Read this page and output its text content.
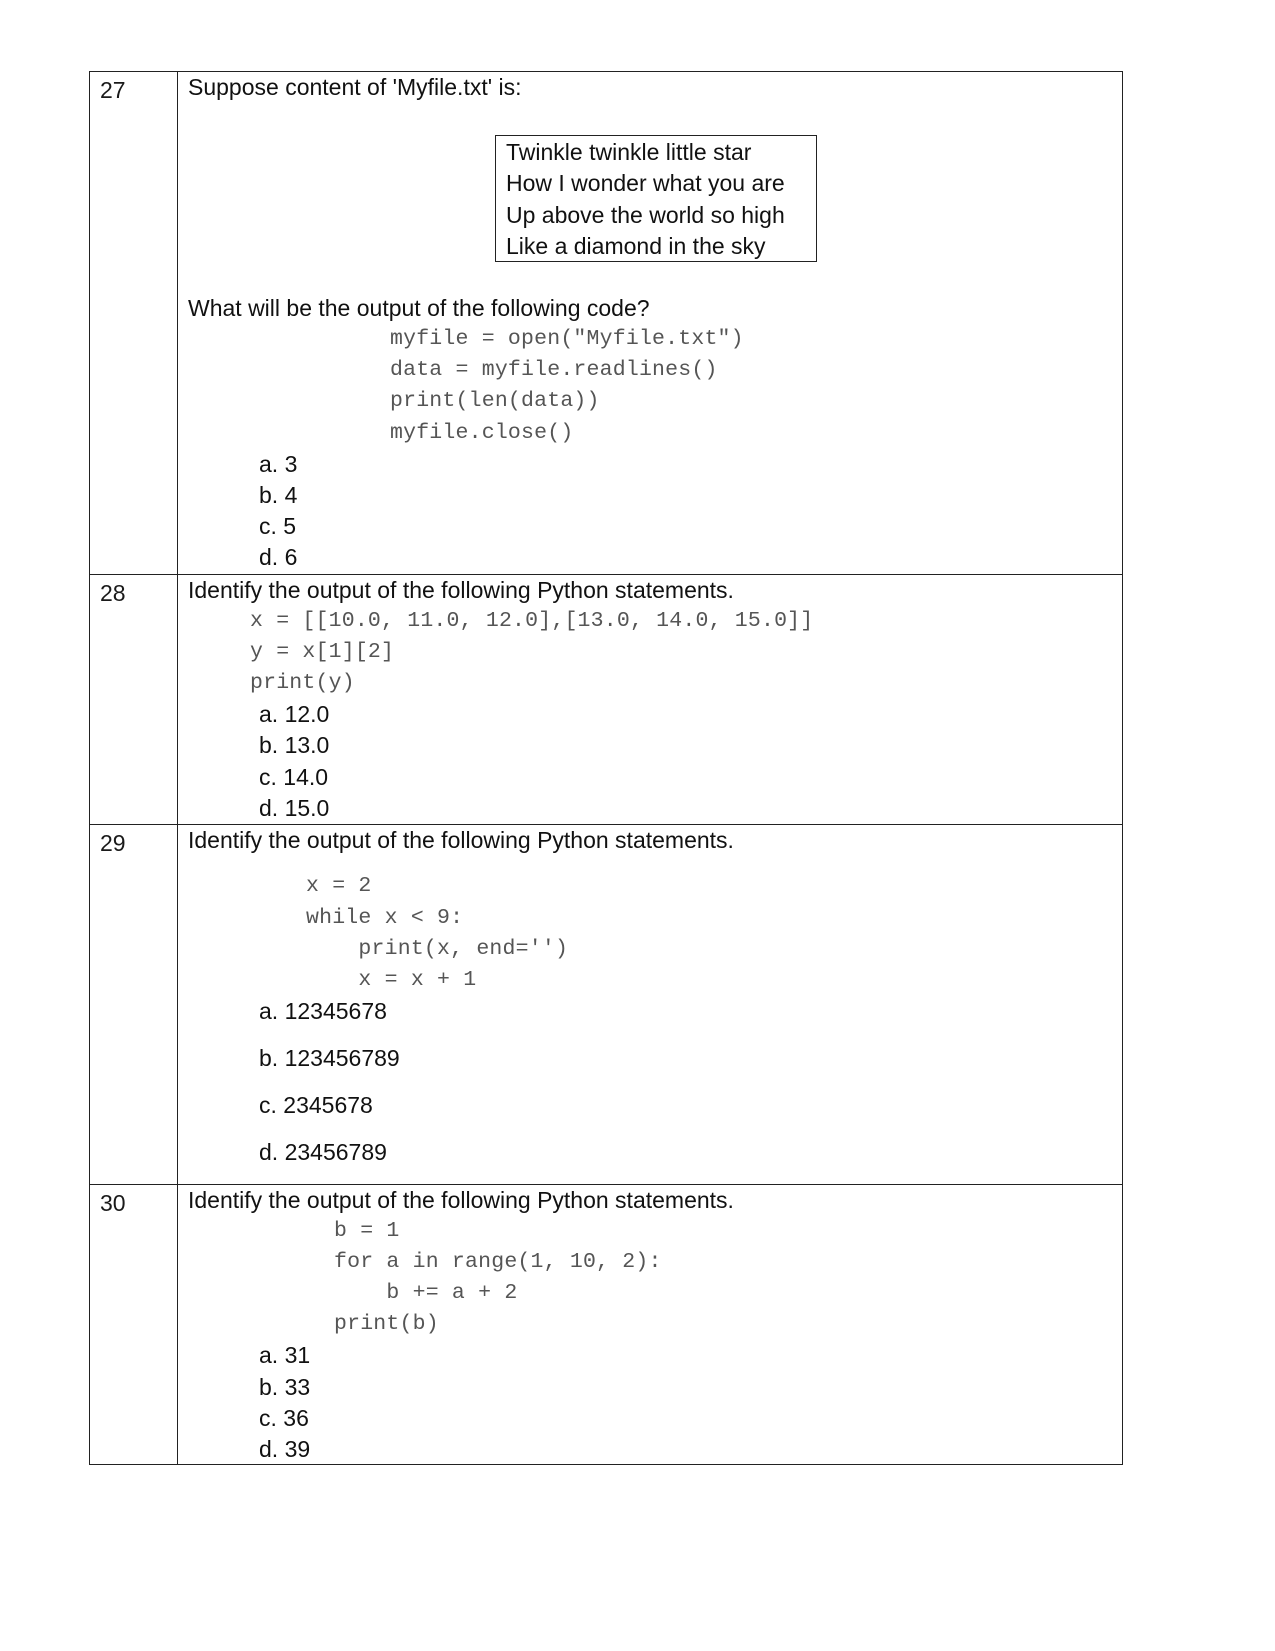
27	Suppose content of 'Myfile.txt' is:
Twinkle twinkle little star
How I wonder what you are
Up above the world so high
Like a diamond in the sky
What will be the output of the following code?
myfile = open("Myfile.txt")
data = myfile.readlines()
print(len(data))
myfile.close()
a. 3
b. 4
c. 5
d. 6

28	Identify the output of the following Python statements.
x = [[10.0, 11.0, 12.0],[13.0, 14.0, 15.0]]
y = x[1][2]
print(y)
a. 12.0
b. 13.0
c. 14.0
d. 15.0

29	Identify the output of the following Python statements.
x = 2
while x < 9:
print(x, end='')
x = x + 1
a. 12345678
b. 123456789
c. 2345678
d. 23456789

30	Identify the output of the following Python statements.
b = 1
for a in range(1, 10, 2):
b += a + 2
print(b)
a. 31
b. 33
c. 36
d. 39
